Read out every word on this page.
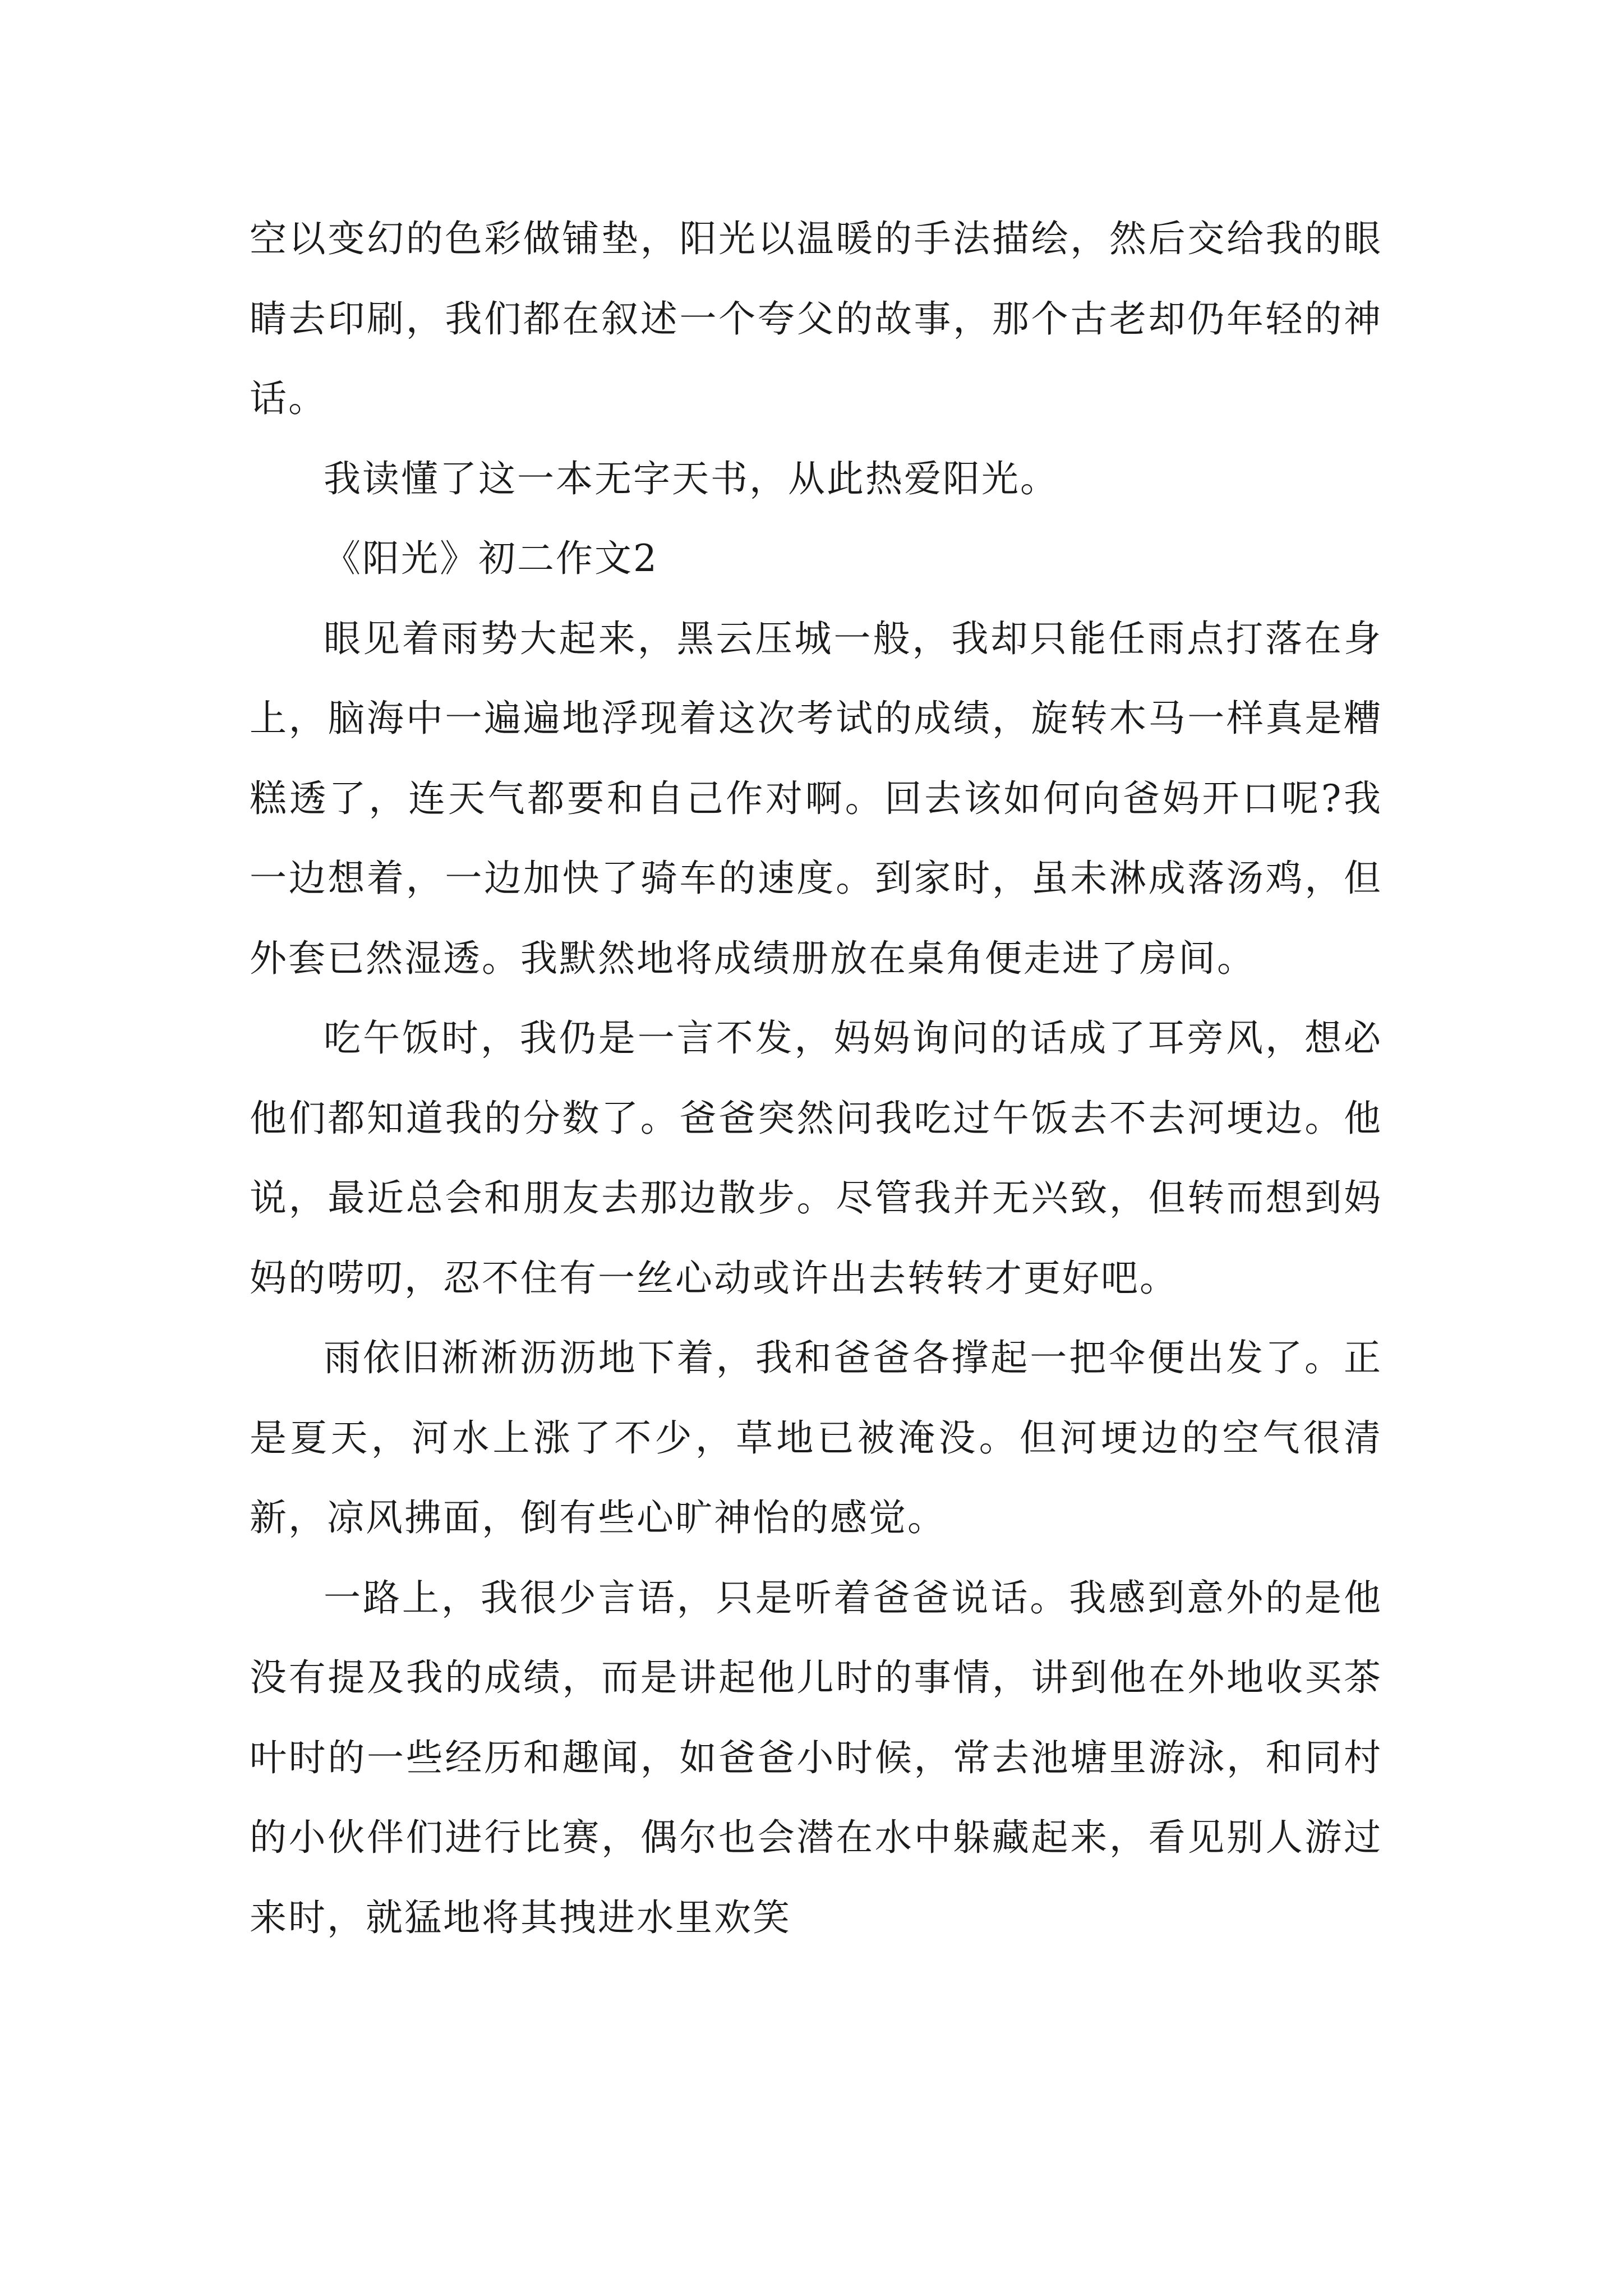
空以变幻的色彩做铺垫，阳光以温暖的手法描绘，然后交给我的眼睛去印刷，我们都在叙述一个夸父的故事，那个古老却仍年轻的神话。

我读懂了这一本无字天书，从此热爱阳光。

《阳光》初二作文2

眼见着雨势大起来，黑云压城一般，我却只能任雨点打落在身上，脑海中一遍遍地浮现着这次考试的成绩，旋转木马一样真是糟糕透了，连天气都要和自己作对啊。回去该如何向爸妈开口呢?我一边想着，一边加快了骑车的速度。到家时，虽未淋成落汤鸡，但外套已然湿透。我默然地将成绩册放在桌角便走进了房间。

吃午饭时，我仍是一言不发，妈妈询问的话成了耳旁风，想必他们都知道我的分数了。爸爸突然问我吃过午饭去不去河埂边。他说，最近总会和朋友去那边散步。尽管我并无兴致，但转而想到妈妈的唠叨，忍不住有一丝心动或许出去转转才更好吧。

雨依旧淅淅沥沥地下着，我和爸爸各撑起一把伞便出发了。正是夏天，河水上涨了不少，草地已被淹没。但河埂边的空气很清新，凉风拂面，倒有些心旷神怡的感觉。

一路上，我很少言语，只是听着爸爸说话。我感到意外的是他没有提及我的成绩，而是讲起他儿时的事情，讲到他在外地收买茶叶时的一些经历和趣闻，如爸爸小时候，常去池塘里游泳，和同村的小伙伴们进行比赛，偶尔也会潜在水中躲藏起来，看见别人游过来时，就猛地将其拽进水里欢笑
